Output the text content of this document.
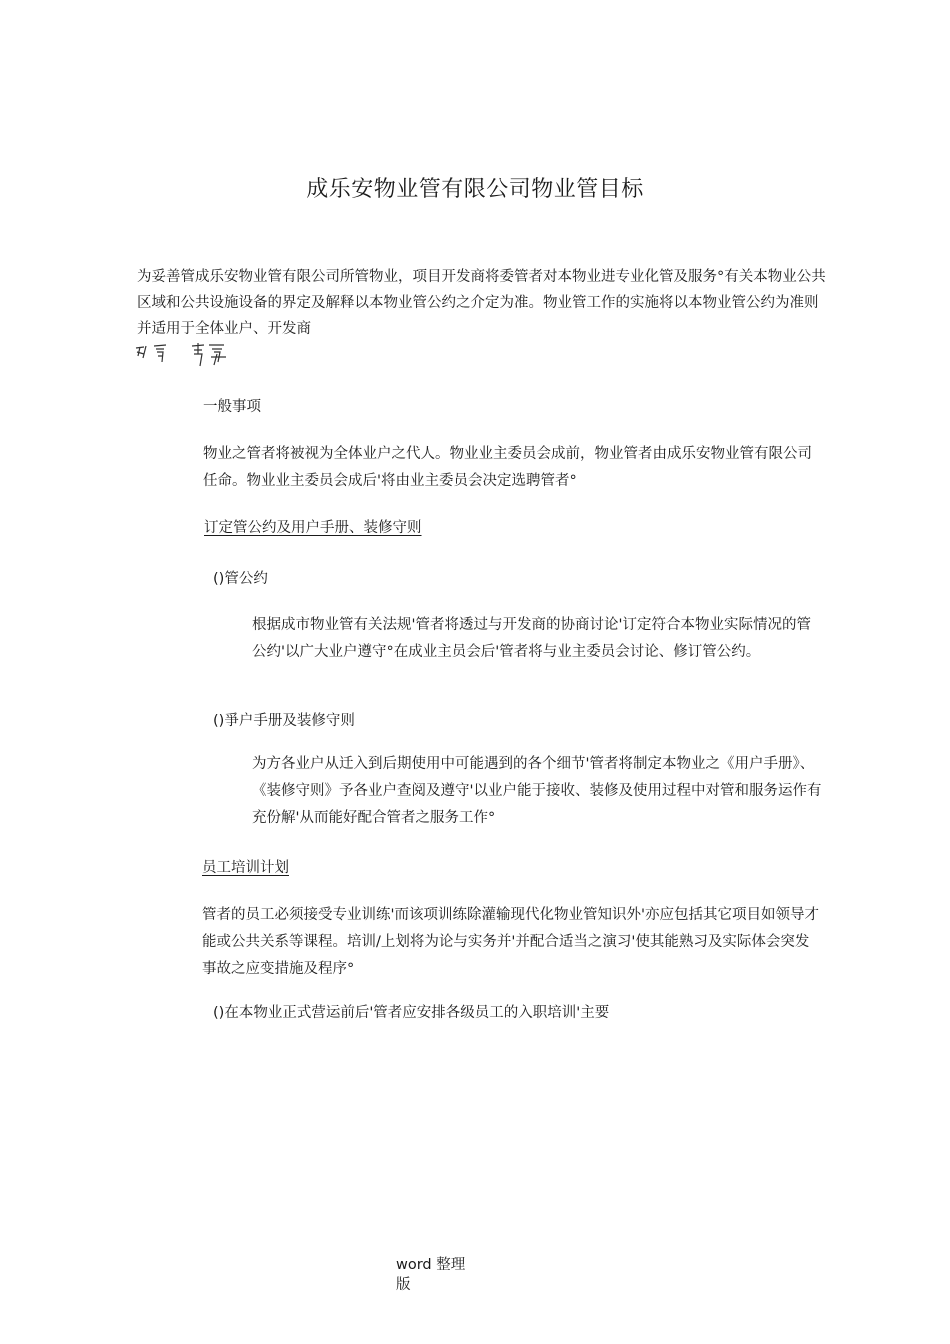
成乐安物业管有限公司物业管目标
为妥善管成乐安物业管有限公司所管物业，项目开发商将委管者对本物业进专业化管及服务°有关本物业公共区域和公共设施设备的界定及解释以本物业管公约之介定为准。物业管工作的实施将以本物业管公约为准则并适用于全体业户、开发商
一般事项
物业之管者将被视为全体业户之代人。物业业主委员会成前，物业管者由成乐安物业管有限公司任命。物业业主委员会成后'将由业主委员会决定选聘管者°
订定管公约及用户手册、装修守则
()管公约
根据成市物业管有关法规'管者将透过与开发商的协商讨论'订定符合本物业实际情况的管公约'以广大业户遵守°在成业主员会后'管者将与业主委员会讨论、修订管公约。
()爭户手册及装修守则
为方各业户从迁入到后期使用中可能遇到的各个细节'管者将制定本物业之《用户手册》、《装修守则》予各业户查阅及遵守'以业户能于接收、装修及使用过程中对管和服务运作有充份解'从而能好配合管者之服务工作°
员工培训计划
管者的员工必须接受专业训练'而该项训练除灌输现代化物业管知识外'亦应包括其它项目如领导才能或公共关系等课程。培训/上划将为论与实务并'并配合适当之演习'使其能熟习及实际体会突发事故之应变措施及程序°
()在本物业正式营运前后'管者应安排各级员工的入职培训'主要
word 整理版
